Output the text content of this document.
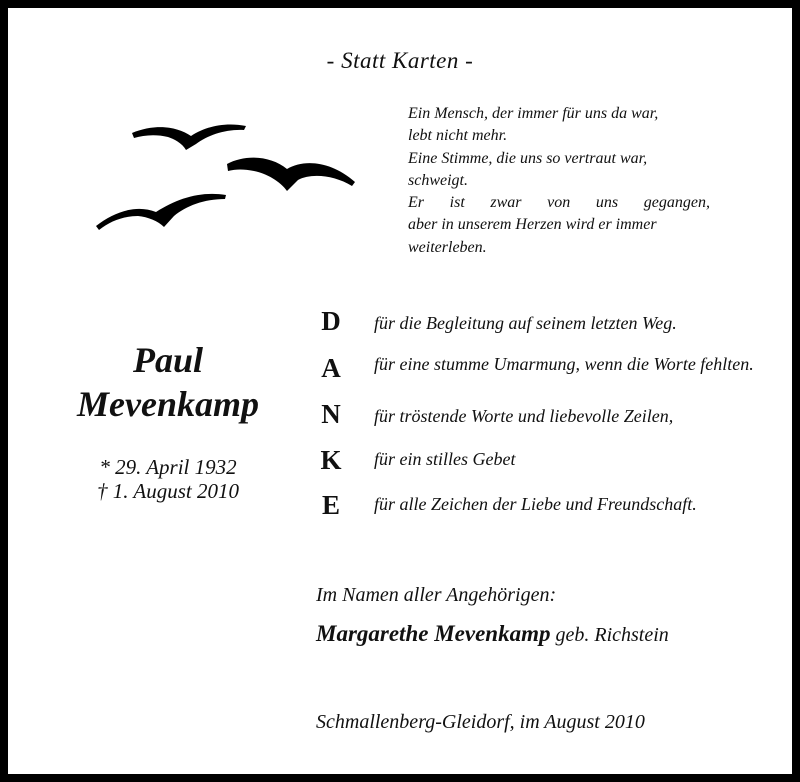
- Statt Karten -
Ein Mensch, der immer für uns da war,
lebt nicht mehr.
Eine Stimme, die uns so vertraut war,
schweigt.
Er ist zwar von uns gegangen,
aber in unserem Herzen wird er immer
weiterleben.
Paul
Mevenkamp
* 29. April 1932
† 1. August 2010
D für die Begleitung auf seinem letzten Weg.
A für eine stumme Umarmung, wenn die Worte fehlten.
N für tröstende Worte und liebevolle Zeilen,
K für ein stilles Gebet
E	für alle Zeichen der Liebe und Freundschaft.
Im Namen aller Angehörigen:
Margarethe Mevenkamp geb. Richstein
Schmallenberg-Gleidorf, im August 2010
